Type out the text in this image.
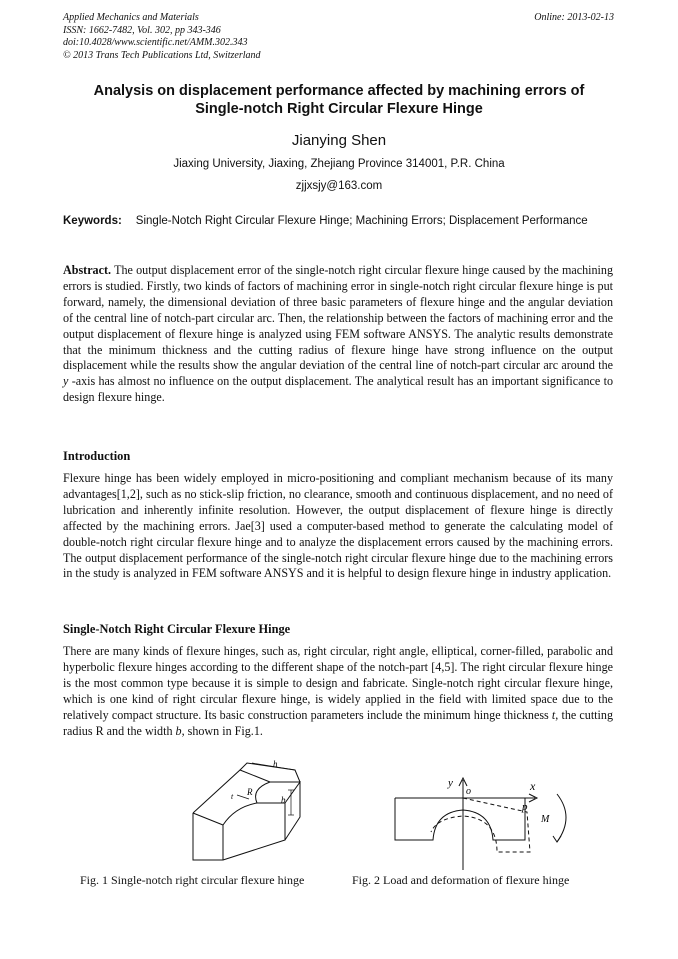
Applied Mechanics and Materials
ISSN: 1662-7482, Vol. 302, pp 343-346
doi:10.4028/www.scientific.net/AMM.302.343
© 2013 Trans Tech Publications Ltd, Switzerland
Online: 2013-02-13
Analysis on displacement performance affected by machining errors of
Single-notch Right Circular Flexure Hinge
Jianying Shen
Jiaxing University, Jiaxing, Zhejiang Province 314001, P.R. China
zjjxsjy@163.com
Keywords: Single-Notch Right Circular Flexure Hinge; Machining Errors; Displacement Performance
Abstract. The output displacement error of the single-notch right circular flexure hinge caused by the machining errors is studied. Firstly, two kinds of factors of machining error in single-notch right circular flexure hinge is put forward, namely, the dimensional deviation of three basic parameters of flexure hinge and the angular deviation of the central line of notch-part circular arc. Then, the relationship between the factors of machining error and the output displacement of flexure hinge is analyzed using FEM software ANSYS. The analytic results demonstrate that the minimum thickness and the cutting radius of flexure hinge have strong influence on the output displacement while the results show the angular deviation of the central line of notch-part circular arc around the y -axis has almost no influence on the output displacement. The analytical result has an important significance to design flexure hinge.
Introduction
Flexure hinge has been widely employed in micro-positioning and compliant mechanism because of its many advantages[1,2], such as no stick-slip friction, no clearance, smooth and continuous displacement, and no need of lubrication and inherently infinite resolution. However, the output displacement of flexure hinge is directly affected by the machining errors. Jae[3] used a computer-based method to generate the calculating model of double-notch right circular flexure hinge and to analyze the displacement errors caused by the machining errors. The output displacement performance of the single-notch right circular flexure hinge due to the machining errors in the study is analyzed in FEM software ANSYS and it is helpful to design flexure hinge in industry application.
Single-Notch Right Circular Flexure Hinge
There are many kinds of flexure hinges, such as, right circular, right angle, elliptical, corner-filled, parabolic and hyperbolic flexure hinges according to the different shape of the notch-part [4,5]. The right circular flexure hinge is the most common type because it is simple to design and fabricate. Single-notch right circular flexure hinge, which is one kind of right circular flexure hinge, is widely applied in the field with limited space due to the relatively compact structure. Its basic construction parameters include the minimum hinge thickness t, the cutting radius R and the width b, shown in Fig.1.
h
b
R
t
y
o	x
p
M
Fig. 1 Single-notch right circular flexure hinge	Fig. 2 Load and deformation of flexure hinge
